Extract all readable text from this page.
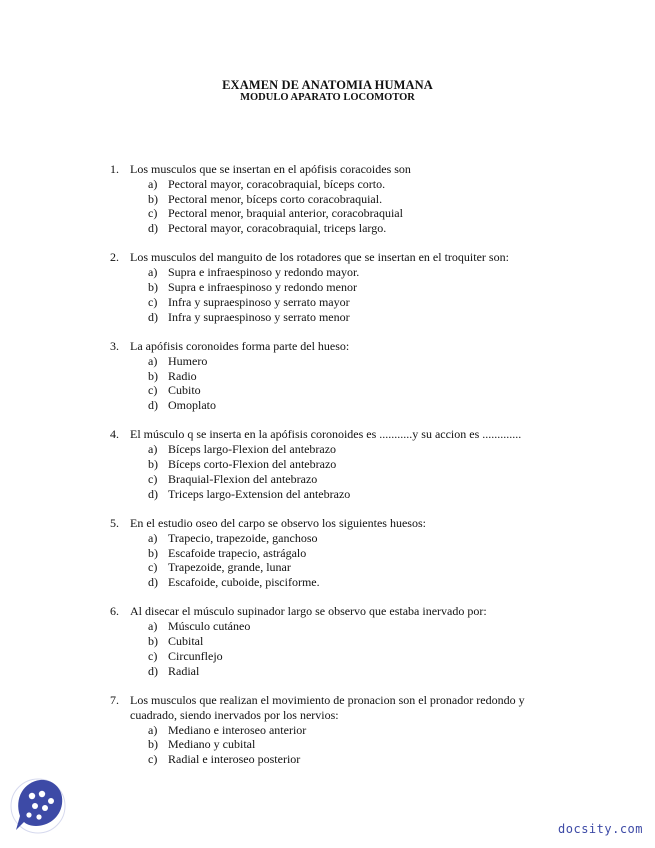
EXAMEN DE ANATOMIA HUMANA
MODULO APARATO LOCOMOTOR
1. Los musculos que se insertan en el apófisis coracoides son
a) Pectoral mayor, coracobraquial, bíceps corto.
b) Pectoral menor, bíceps corto coracobraquial.
c) Pectoral menor, braquial anterior, coracobraquial
d) Pectoral mayor, coracobraquial, triceps largo.
2. Los musculos del manguito de los rotadores que se insertan en el troquiter son:
a) Supra e infraespinoso y redondo mayor.
b) Supra e infraespinoso y redondo menor
c) Infra y supraespinoso y serrato mayor
d) Infra y supraespinoso y serrato menor
3. La apófisis coronoides forma parte del hueso:
a) Humero
b) Radio
c) Cubito
d) Omoplato
4. El músculo q se inserta en la apófisis coronoides es ...........y su accion es .............
a) Bíceps largo-Flexion del antebrazo
b) Bíceps corto-Flexion del antebrazo
c) Braquial-Flexion del antebrazo
d) Triceps largo-Extension del antebrazo
5. En el estudio oseo del carpo se observo los siguientes huesos:
a) Trapecio, trapezoide, ganchoso
b) Escafoide trapecio, astrágalo
c) Trapezoide, grande, lunar
d) Escafoide, cuboide, pisciforme.
6. Al disecar el músculo supinador largo se observo que estaba inervado por:
a) Músculo cutáneo
b) Cubital
c) Circunflejo
d) Radial
7. Los musculos que realizan el movimiento de pronacion son el pronador redondo y cuadrado, siendo inervados por los nervios:
a) Mediano e interoseo anterior
b) Mediano y cubital
c) Radial e interoseo posterior
docsity.com
